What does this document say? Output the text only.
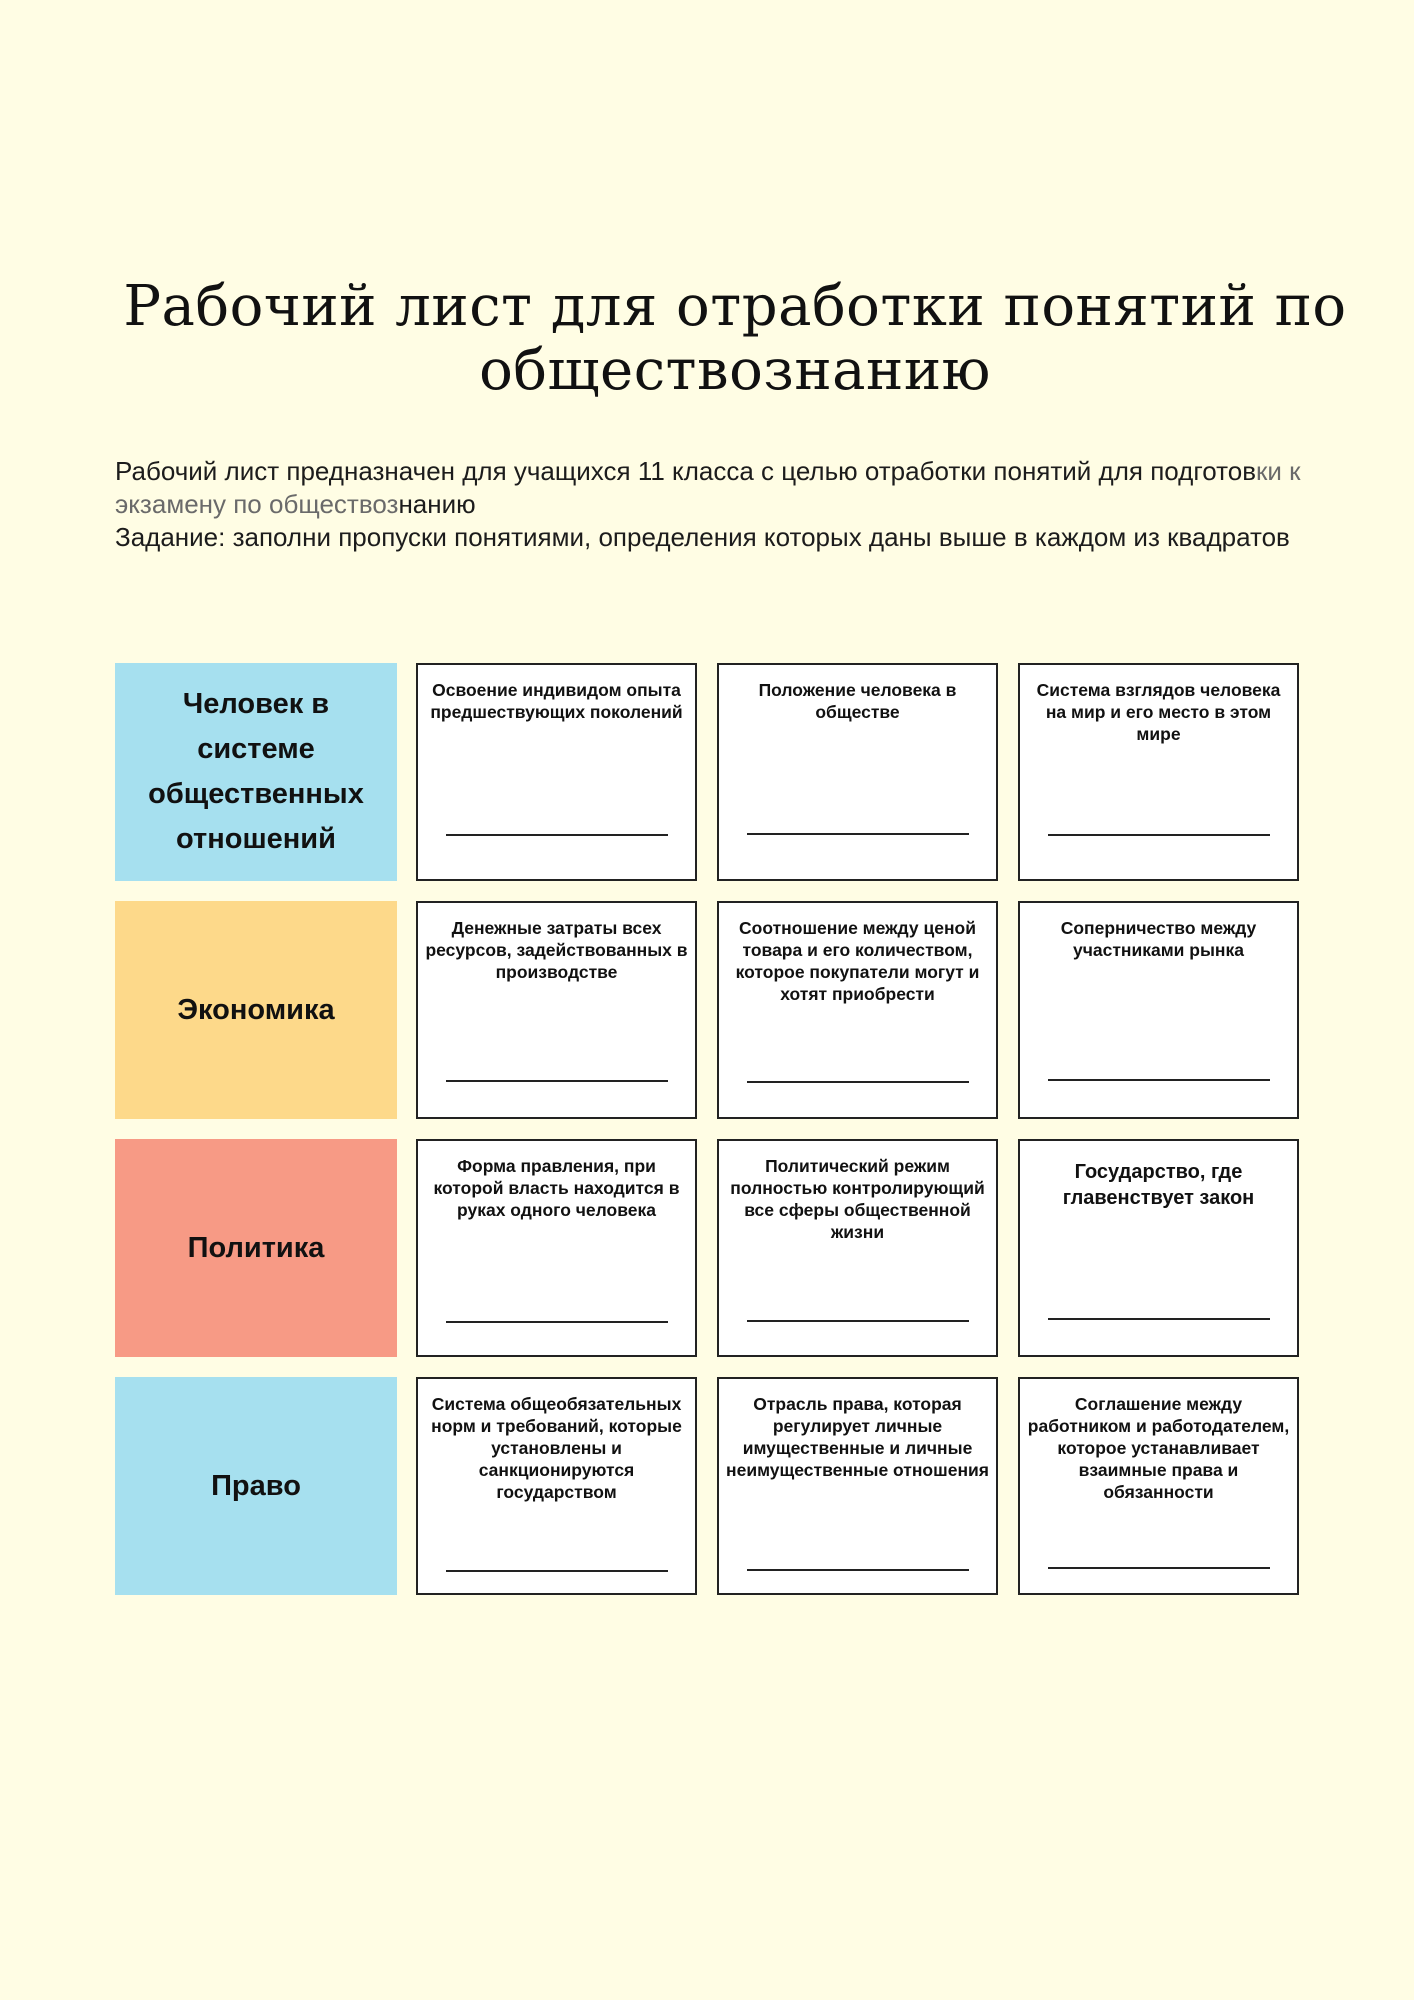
Рабочий лист для отработки понятий по
обществознанию

Рабочий лист предназначен для учащихся 11 класса с целью отработки понятий для подготовки к экзамену по обществознанию

Задание: заполни пропуски понятиями, определения которых даны выше в каждом из квадратов

Человек в системе общественных отношений
Освоение индивидом опыта предшествующих поколений
Положение человека в обществе
Система взглядов человека на мир и его место в этом мире
Экономика
Денежные затраты всех ресурсов, задействованных в производстве
Соотношение между ценой товара и его количеством, которое покупатели могут и хотят приобрести
Соперничество между участниками рынка
Политика
Форма правления, при которой власть находится в руках одного человека
Политический режим полностью контролирующий все сферы общественной жизни
Государство, где главенствует закон
Право
Система общеобязательных норм и требований, которые установлены и санкционируются государством
Отрасль права, которая регулирует личные имущественные и личные неимущественные отношения
Соглашение между работником и работодателем, которое устанавливает взаимные права и обязанности
